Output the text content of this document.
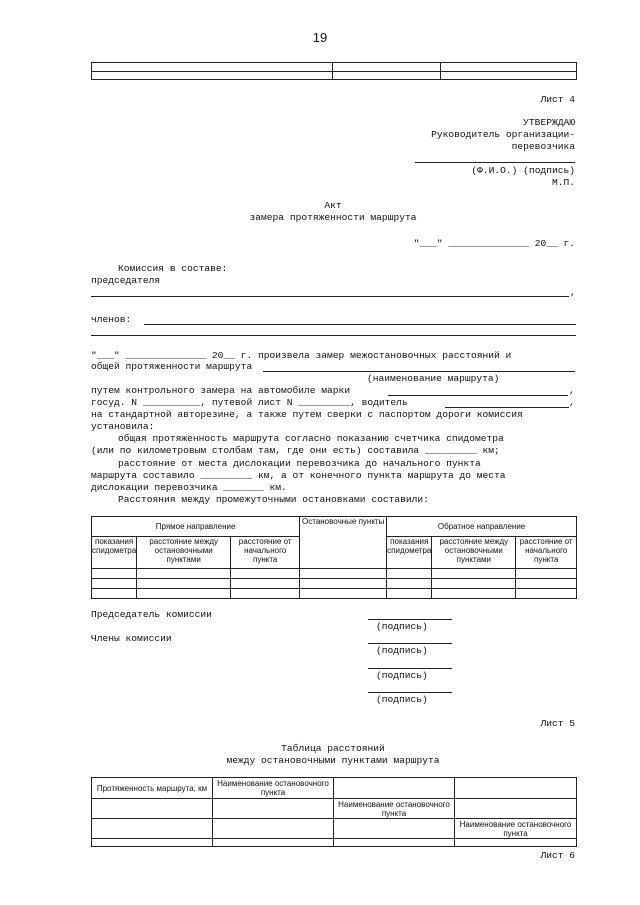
19

Лист 4
УТВЕРЖДАЮ
Руководитель организации-
перевозчика
(Ф.И.О.) (подпись)
М.П.
Акт
замера протяженности маршрута
"___" ______________ 20__ г.
Комиссия в составе:
председателя
,
членов:
"___" ______________ 20__ г. произвела замер межостановочных расстояний и
общей протяженности маршрута
(наименование маршрута)
путем контрольного замера на автомобиле марки	,
госуд. N __________, путевой лист N _________, водитель	,
на стандартной авторезине, а также путем сверки с паспортом дороги комиссия
установила:
общая протяженность маршрута согласно показанию счетчика спидометра
(или по километровым столбам там, где они есть) составила _________ км;
расстояние от места дислокации перевозчика до начального пункта
маршрута составило _________ км, а от конечного пункта маршрута до места
дислокации перевозчика _______ км.
Расстояния между промежуточными остановками составили:
Прямое направление			Остановочные пункты	Обратное направление		
показания спидометра	расстояние между остановочными пунктами	расстояние от начального пункта		показания спидометра	расстояние между остановочными пунктами	расстояние от начального пункта

Председатель комиссии
(подпись)
Члены комиссии
(подпись)
(подпись)
(подпись)
Лист 5
Таблица расстояний
между остановочными пунктами маршрута
Протяженность маршрута, км	Наименование остановочного пункта		
		Наименование остановочного пункта	
			Наименование остановочного пункта

Лист 6
